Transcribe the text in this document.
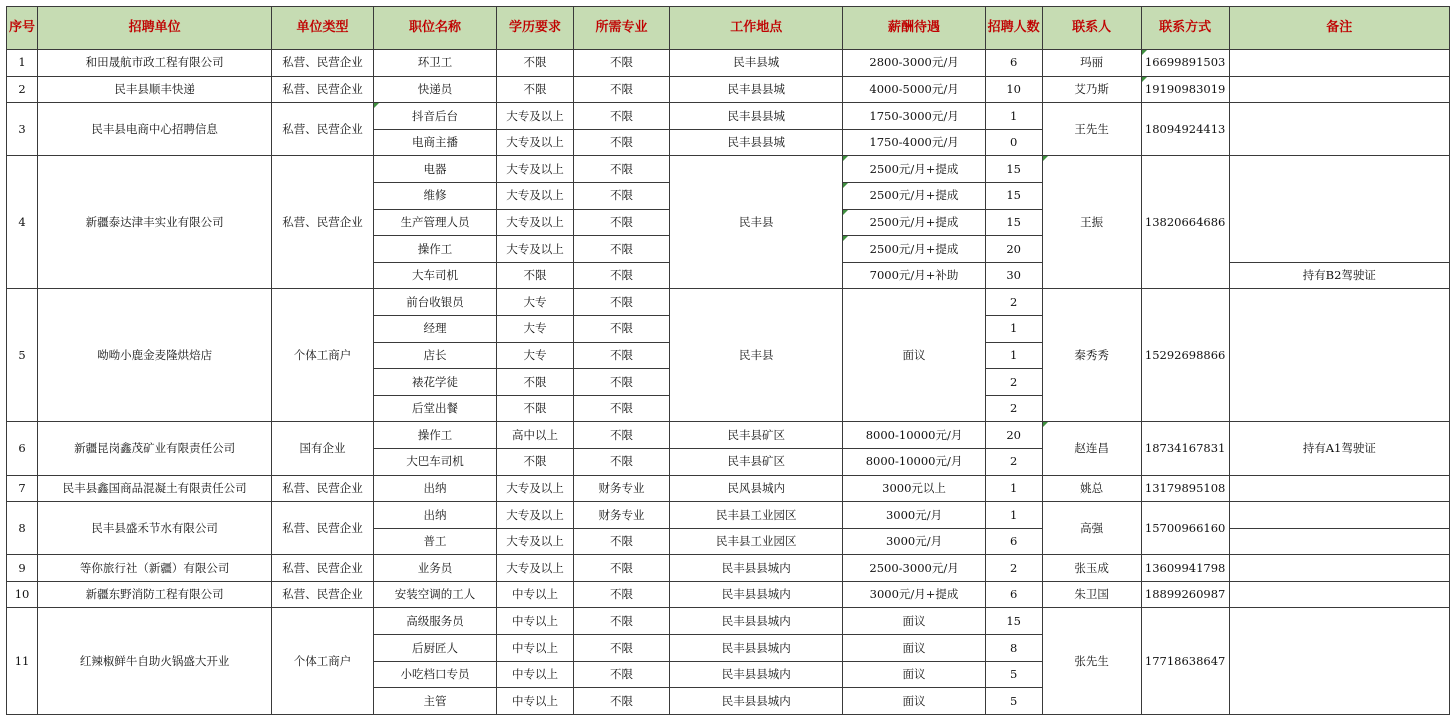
序号	招聘单位	单位类型	职位名称	学历要求	所需专业	工作地点	薪酬待遇	招聘人数	联系人	联系方式	备注
1	和田晟航市政工程有限公司	私营、民营企业	环卫工	不限	不限	民丰县城	2800-3000元/月	6	玛丽	16699891503	
2	民丰县顺丰快递	私营、民营企业	快递员	不限	不限	民丰县县城	4000-5000元/月	10	艾乃斯	19190983019	
3	民丰县电商中心招聘信息	私营、民营企业	抖音后台	大专及以上	不限	民丰县县城	1750-3000元/月	1	王先生	18094924413	
			电商主播	大专及以上	不限	民丰县县城	1750-4000元/月	0			
4	新疆泰达津丰实业有限公司	私营、民营企业	电器	大专及以上	不限	民丰县	2500元/月+提成	15	王振	13820664686	
			维修	大专及以上	不限		2500元/月+提成	15			
			生产管理人员	大专及以上	不限		2500元/月+提成	15			
			操作工	大专及以上	不限		2500元/月+提成	20			
			大车司机	不限	不限		7000元/月+补助	30			持有B2驾驶证
5	呦呦小鹿金麦隆烘焙店	个体工商户	前台收银员	大专	不限	民丰县	面议	2	秦秀秀	15292698866	
			经理	大专	不限			1			
			店长	大专	不限			1			
			裱花学徒	不限	不限			2			
			后堂出餐	不限	不限			2			
6	新疆昆岗鑫茂矿业有限责任公司	国有企业	操作工	高中以上	不限	民丰县矿区	8000-10000元/月	20	赵连昌	18734167831	持有A1驾驶证
			大巴车司机	不限	不限	民丰县矿区	8000-10000元/月	2			
7	民丰县鑫国商品混凝土有限责任公司	私营、民营企业	出纳	大专及以上	财务专业	民风县城内	3000元以上	1	姚总	13179895108	
8	民丰县盛禾节水有限公司	私营、民营企业	出纳	大专及以上	财务专业	民丰县工业园区	3000元/月	1	高强	15700966160	
			普工	大专及以上	不限	民丰县工业园区	3000元/月	6			
9	等你旅行社（新疆）有限公司	私营、民营企业	业务员	大专及以上	不限	民丰县县城内	2500-3000元/月	2	张玉成	13609941798	
10	新疆东野消防工程有限公司	私营、民营企业	安装空调的工人	中专以上	不限	民丰县县城内	3000元/月+提成	6	朱卫国	18899260987	
11	红辣椒鲜牛自助火锅盛大开业	个体工商户	高级服务员	中专以上	不限	民丰县县城内	面议	15	张先生	17718638647	
			后厨匠人	中专以上	不限	民丰县县城内	面议	8			
			小吃档口专员	中专以上	不限	民丰县县城内	面议	5			
			主管	中专以上	不限	民丰县县城内	面议	5			
